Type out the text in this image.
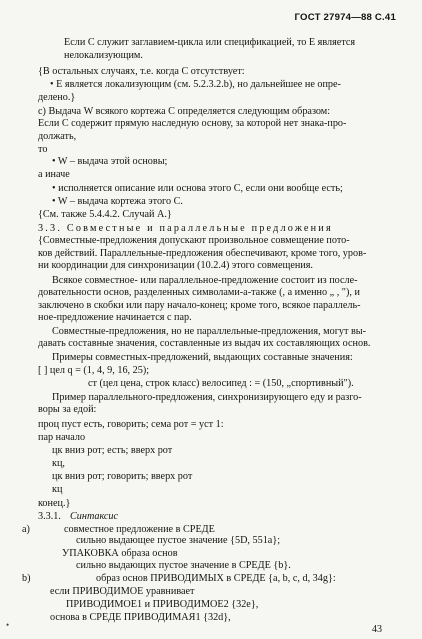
ГОСТ 27974—88 С.41
Если C служит заглавием-цикла или спецификацией, то E является
нелокализующим.
{В остальных случаях, т.е. когда С отсутствует:
• E является локализующим (см. 5.2.3.2.b), но дальнейшее не опре-
делено.}
c) Выдача W всякого кортежа С определяется следующим образом:
Если С содержит прямую наследную основу, за которой нет знака-про-
должать,
то
• W – выдача этой основы;
а иначе
• исполняется описание или основа этого С, если они вообще есть;
• W – выдача кортежа этого С.
{См. также 5.4.4.2. Случай А.}
3.3. Совместные и параллельные предложения
{Совместные-предложения допускают произвольное совмещение пото-
ков действий. Параллельные-предложения обеспечивают, кроме того, уров-
ни координации для синхронизации (10.2.4) этого совмещения.
Всякое совместное- или параллельное-предложение состоит из после-
довательности основ, разделенных символами-а-также (, а именно „ , "), и
заключено в скобки или пару начало-конец; кроме того, всякое параллель-
ное-предложение начинается с пар.
Совместные-предложения, но не параллельные-предложения, могут вы-
давать составные значения, составленные из выдач их составляющих основ.
Примеры совместных-предложений, выдающих составные значения:
[ ] цел q = (1, 4, 9, 16, 25);
ст (цел цена, строк класс) велосипед : = (150, „спортивный").
Пример параллельного-предложения, синхронизирующего еду и разго-
воры за едой:
проц пуст есть, говорить; сема рот = уст 1:
пар начало
цк вниз рот; есть; вверх рот
кц,
цк вниз рот; говорить; вверх рот
кц
конец.}
3.3.1. Синтаксис
a)	совместное предложение в СРЕДЕ
сильно выдающее пустое значение {5D, 551a};
УПАКОВКА образа основ
сильно выдающих пустое значение в СРЕДЕ {b}.
b)	образ основ ПРИВОДИМЫХ в СРЕДЕ {a, b, c, d, 34g}:
если ПРИВОДИМОЕ уравнивает
ПРИВОДИМОЕ1 и ПРИВОДИМОЕ2 {32e},
основа в СРЕДЕ ПРИВОДИМАЯ1 {32d},
43
•
